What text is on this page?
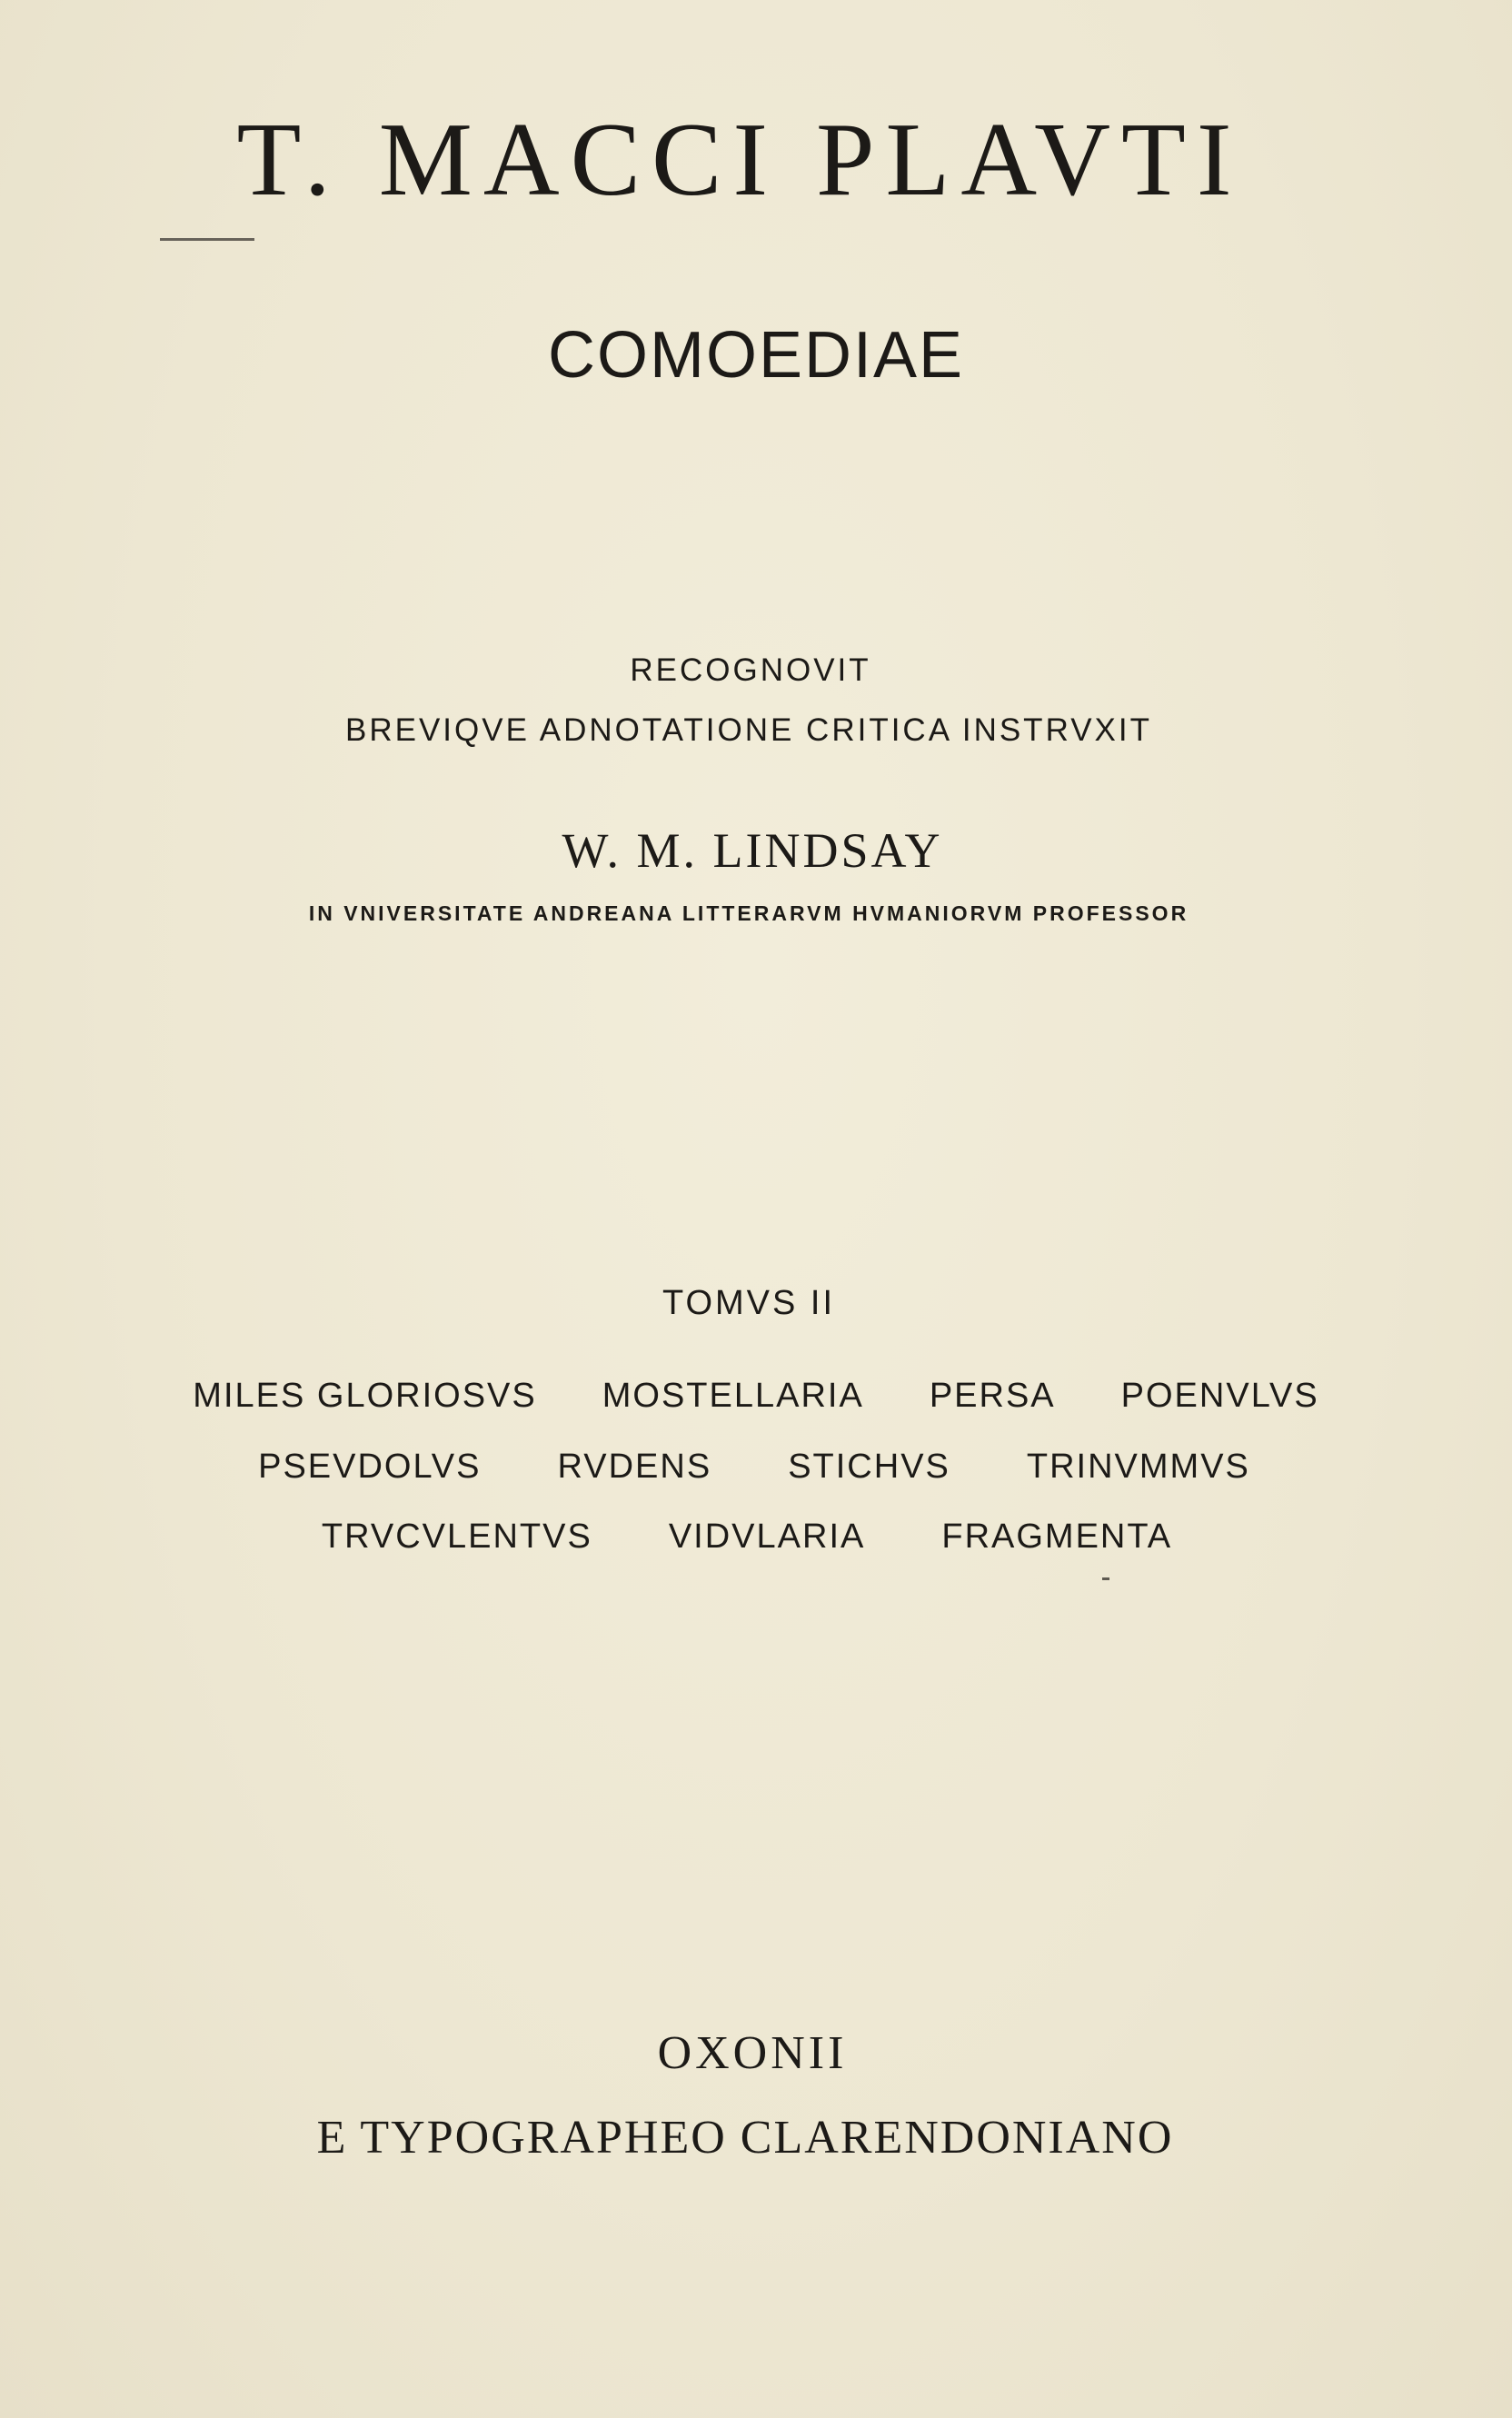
T. MACCI PLAVTI
COMOEDIAE
RECOGNOVIT
BREVIQVE ADNOTATIONE CRITICA INSTRVXIT
W. M. LINDSAY
IN VNIVERSITATE ANDREANA LITTERARVM HVMANIORVM PROFESSOR
TOMVS II
MILES GLORIOSVS MOSTELLARIA PERSA POENVLVS
PSEVDOLVS RVDENS STICHVS TRINVMMVS
TRVCVLENTVS VIDVLARIA FRAGMENTA
OXONII
E TYPOGRAPHEO CLARENDONIANO
